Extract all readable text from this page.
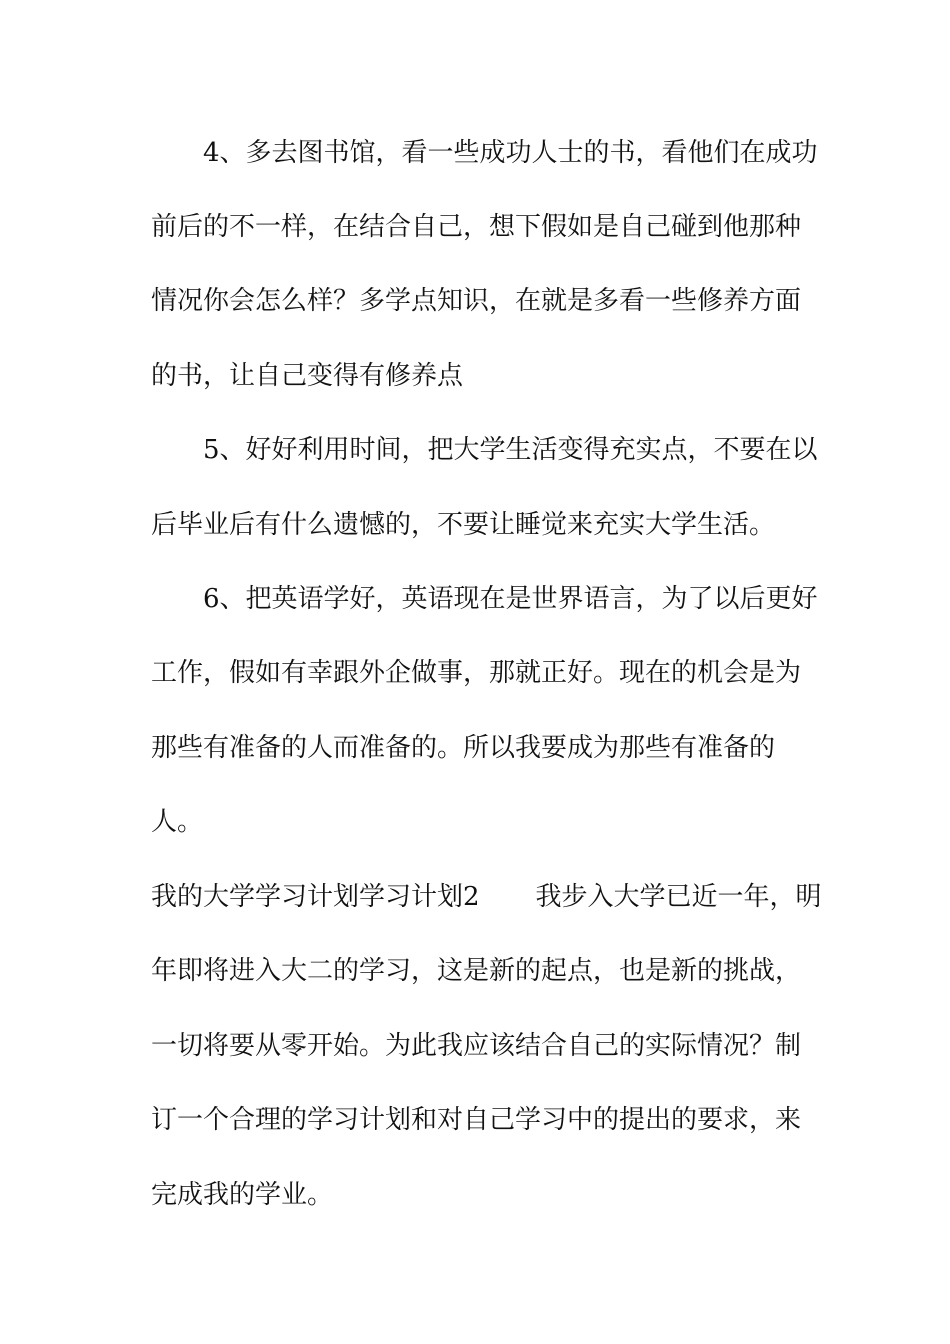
4、多去图书馆，看一些成功人士的书，看他们在成功
前后的不一样，在结合自己，想下假如是自己碰到他那种
情况你会怎么样？多学点知识，在就是多看一些修养方面
的书，让自己变得有修养点
5、好好利用时间，把大学生活变得充实点，不要在以
后毕业后有什么遗憾的，不要让睡觉来充实大学生活。
6、把英语学好，英语现在是世界语言，为了以后更好
工作，假如有幸跟外企做事，那就正好。现在的机会是为
那些有准备的人而准备的。所以我要成为那些有准备的
人。
我的大学学习计划学习计划2 我步入大学已近一年，明
年即将进入大二的学习，这是新的起点，也是新的挑战，
一切将要从零开始。为此我应该结合自己的实际情况？制
订一个合理的学习计划和对自己学习中的提出的要求，来
完成我的学业。
